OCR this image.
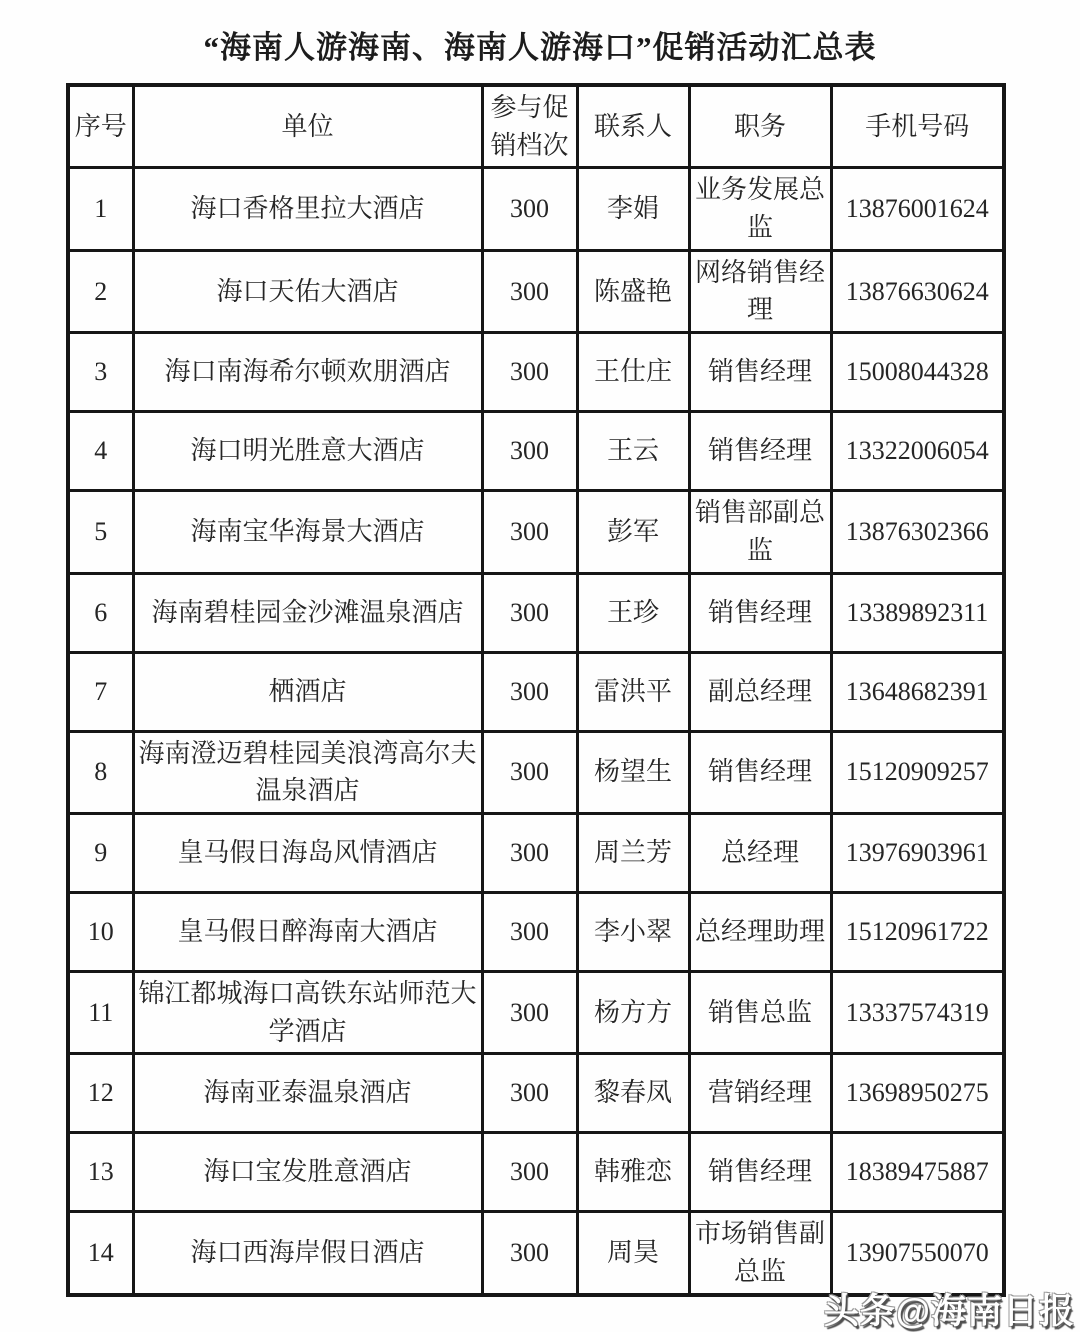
“海南人游海南、海南人游海口”促销活动汇总表
序号	单位	参与促销档次	联系人	职务	手机号码
1	海口香格里拉大酒店	300	李娟	业务发展总监	13876001624
2	海口天佑大酒店	300	陈盛艳	网络销售经理	13876630624
3	海口南海希尔顿欢朋酒店	300	王仕庄	销售经理	15008044328
4	海口明光胜意大酒店	300	王云	销售经理	13322006054
5	海南宝华海景大酒店	300	彭军	销售部副总监	13876302366
6	海南碧桂园金沙滩温泉酒店	300	王珍	销售经理	13389892311
7	栖酒店	300	雷洪平	副总经理	13648682391
8	海南澄迈碧桂园美浪湾高尔夫温泉酒店	300	杨望生	销售经理	15120909257
9	皇马假日海岛风情酒店	300	周兰芳	总经理	13976903961
10	皇马假日醉海南大酒店	300	李小翠	总经理助理	15120961722
11	锦江都城海口高铁东站师范大学酒店	300	杨方方	销售总监	13337574319
12	海南亚泰温泉酒店	300	黎春凤	营销经理	13698950275
13	海口宝发胜意酒店	300	韩雅恋	销售经理	18389475887
14	海口西海岸假日酒店	300	周昊	市场销售副总监	13907550070
头条@海南日报
